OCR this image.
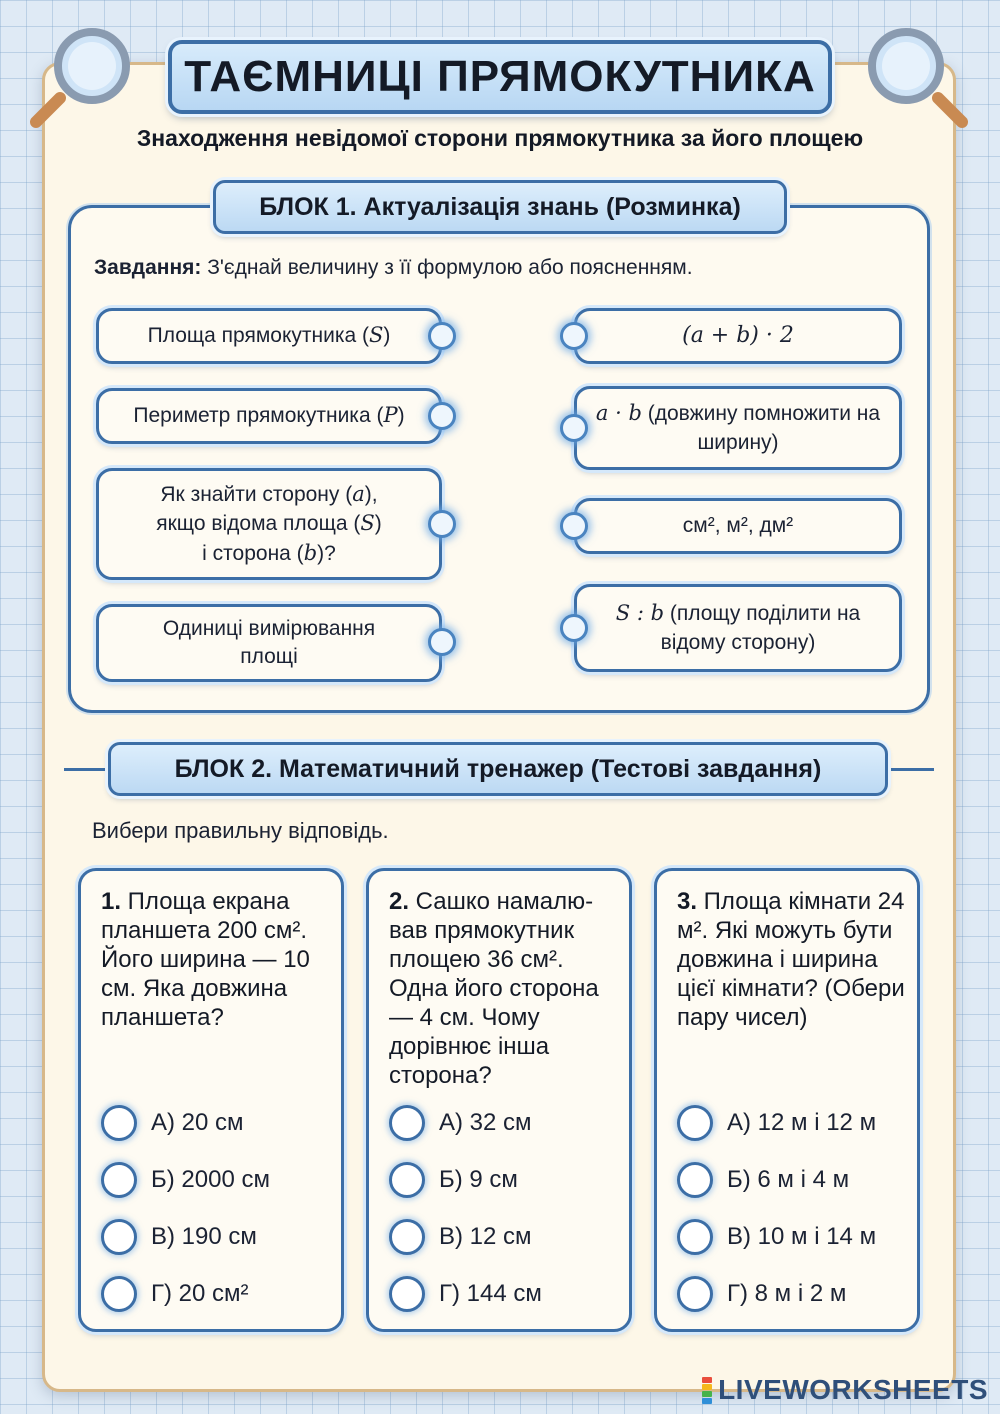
ТАЄМНИЦІ ПРЯМОКУТНИКА
Знаходження невідомої сторони прямокутника за його площею
БЛОК 1. Актуалізація знань (Розминка)
Завдання: З'єднай величину з її формулою або поясненням.
Площа прямокутника (S)
Периметр прямокутника (P)
Як знайти сторону (a),
якщо відома площа (S)
і сторона (b)?
Одиниці вимірювання площі
(a + b) · 2
a · b (довжину помножити на ширину)
см², м², дм²
S : b (площу поділити на відому сторону)
БЛОК 2. Математичний тренажер (Тестові завдання)
Вибери правильну відповідь.
1. Площа екрана планшета 200 см². Його ширина — 10 см. Яка довжина планшета?
А) 20 см
Б) 2000 см
В) 190 см
Г) 20 см²
2. Сашко намалю-вав прямокутник площею 36 см². Одна його сторона — 4 см. Чому дорівнює інша сторона?
А) 32 см
Б) 9 см
В) 12 см
Г) 144 см
3. Площа кімнати 24 м². Які можуть бути довжина і ширина цієї кімнати? (Обери пару чисел)
А) 12 м і 12 м
Б) 6 м і 4 м
В) 10 м і 14 м
Г) 8 м і 2 м
LIVEWORKSHEETS
